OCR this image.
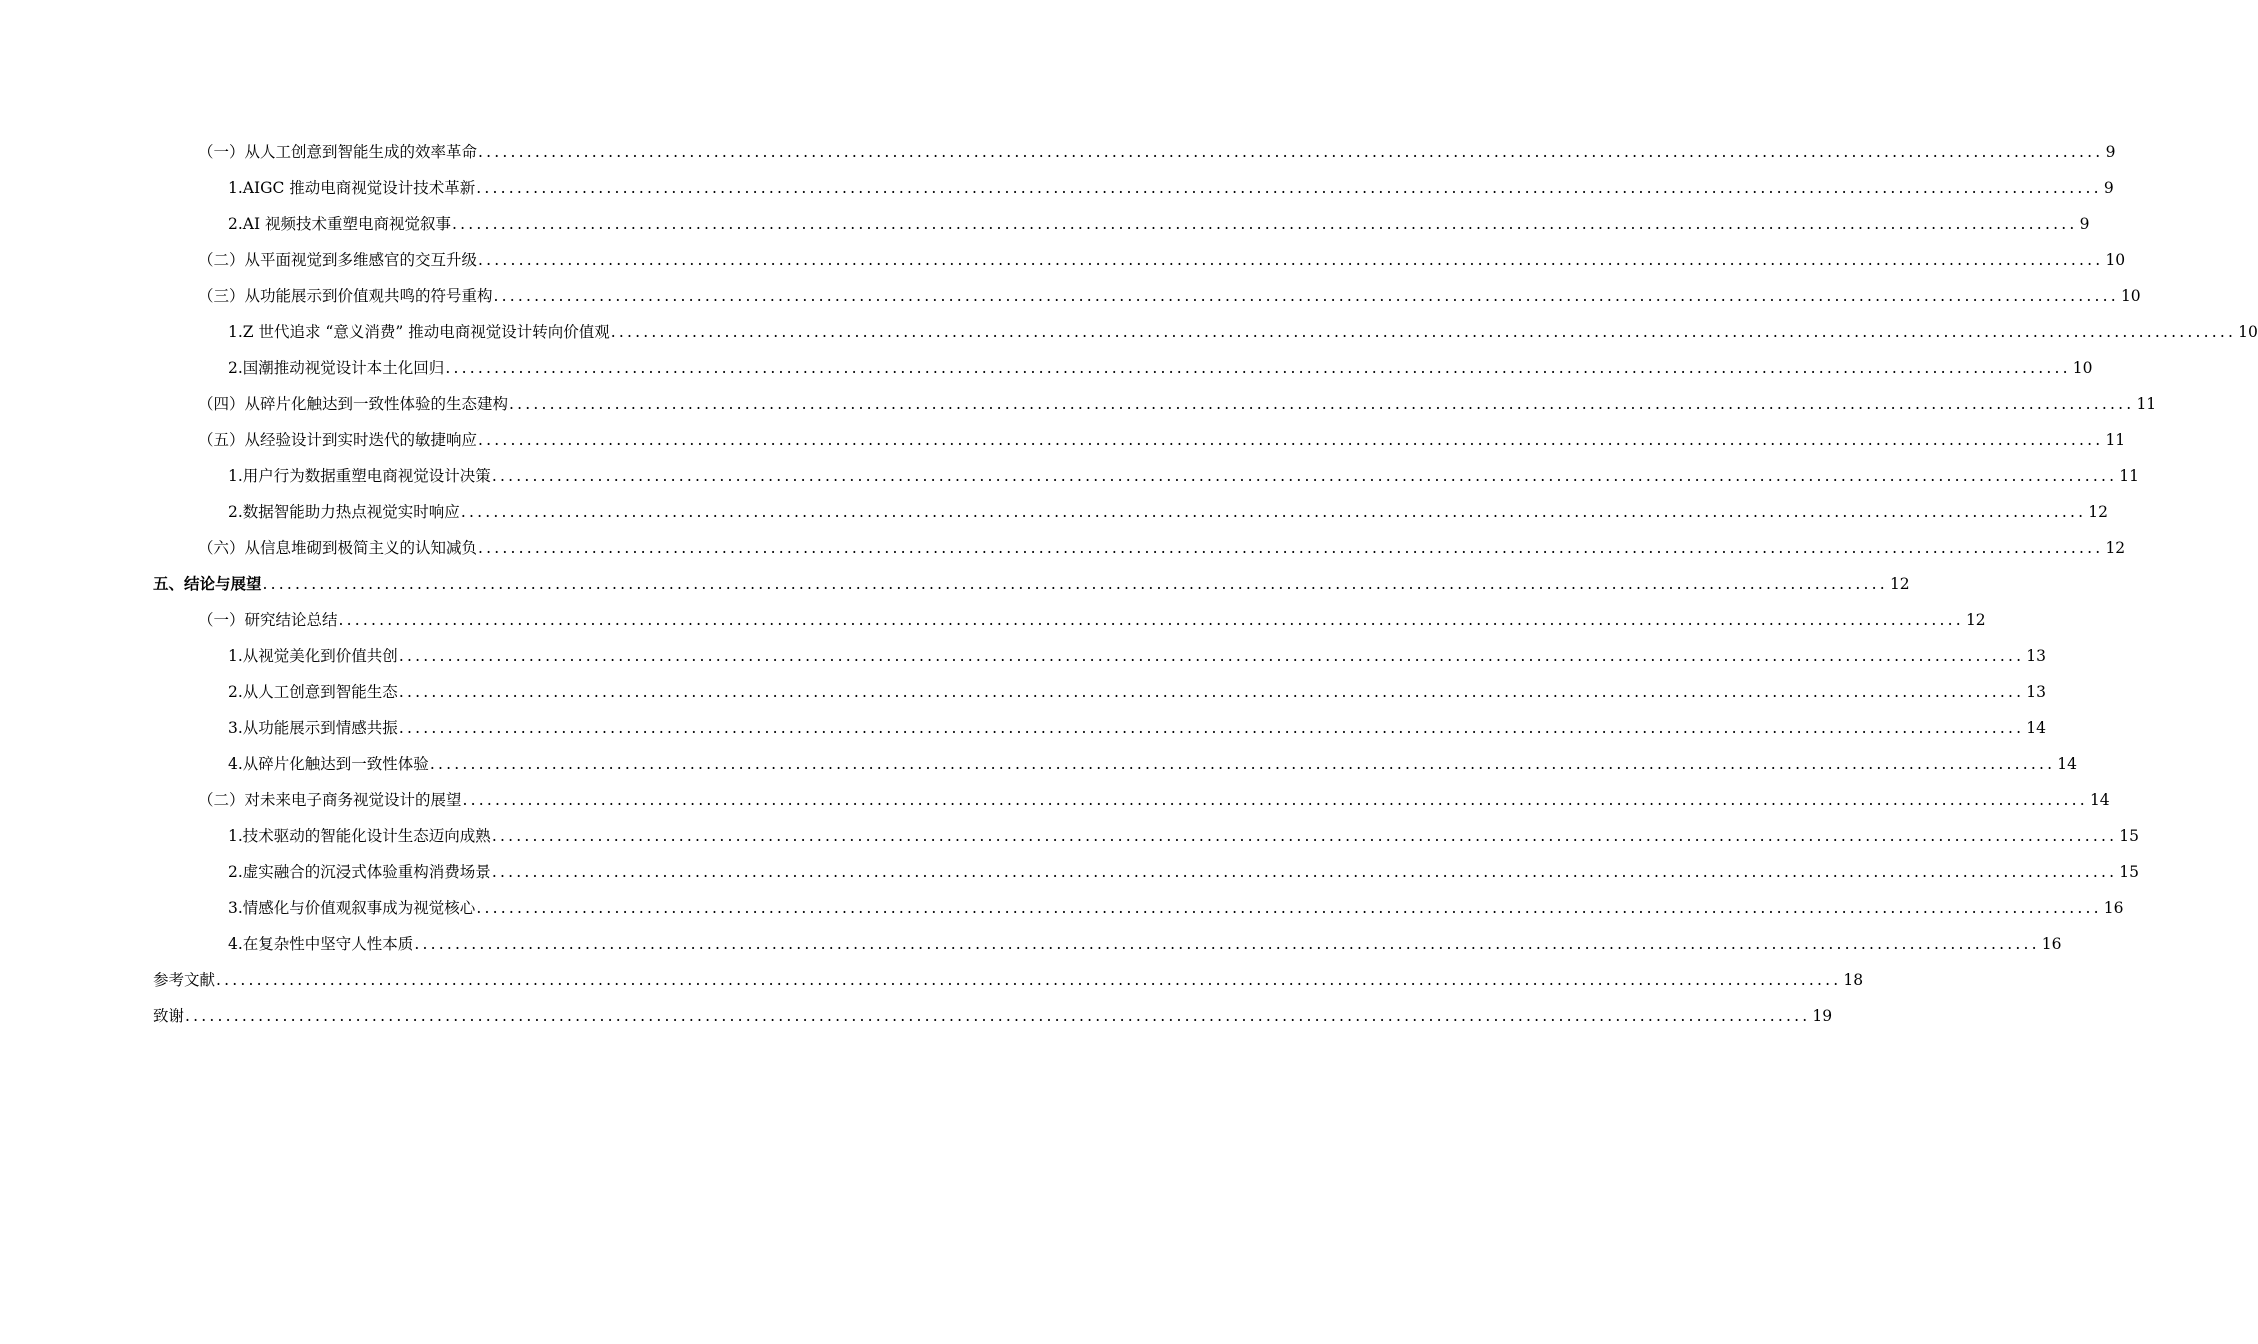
（一） 从人工创意到智能生成的效率革命 ........................................................................................................................................................................................................ 9
1. AIGC 推动电商视觉设计技术革新 ........................................................................................................................................................................................................ 9
2. AI 视频技术重塑电商视觉叙事 ........................................................................................................................................................................................................ 9
（二） 从平面视觉到多维感官的交互升级 ........................................................................................................................................................................................................ 10
（三） 从功能展示到价值观共鸣的符号重构 ........................................................................................................................................................................................................ 10
1. Z 世代追求 “意义消费” 推动电商视觉设计转向价值观 ........................................................................................................................................................................................................ 10
2. 国潮推动视觉设计本土化回归 ........................................................................................................................................................................................................ 10
（四） 从碎片化触达到一致性体验的生态建构 ........................................................................................................................................................................................................ 11
（五） 从经验设计到实时迭代的敏捷响应 ........................................................................................................................................................................................................ 11
1. 用户行为数据重塑电商视觉设计决策 ........................................................................................................................................................................................................ 11
2. 数据智能助力热点视觉实时响应 ........................................................................................................................................................................................................ 12
（六） 从信息堆砌到极简主义的认知减负 ........................................................................................................................................................................................................ 12
五、 结论与展望 ........................................................................................................................................................................................................ 12
（一） 研究结论总结 ........................................................................................................................................................................................................ 12
1. 从视觉美化到价值共创 ........................................................................................................................................................................................................ 13
2. 从人工创意到智能生态 ........................................................................................................................................................................................................ 13
3. 从功能展示到情感共振 ........................................................................................................................................................................................................ 14
4. 从碎片化触达到一致性体验 ........................................................................................................................................................................................................ 14
（二） 对未来电子商务视觉设计的展望 ........................................................................................................................................................................................................ 14
1. 技术驱动的智能化设计生态迈向成熟 ........................................................................................................................................................................................................ 15
2. 虚实融合的沉浸式体验重构消费场景 ........................................................................................................................................................................................................ 15
3. 情感化与价值观叙事成为视觉核心 ........................................................................................................................................................................................................ 16
4. 在复杂性中坚守人性本质 ........................................................................................................................................................................................................ 16
参考文献 ........................................................................................................................................................................................................ 18
致谢 ........................................................................................................................................................................................................ 19
